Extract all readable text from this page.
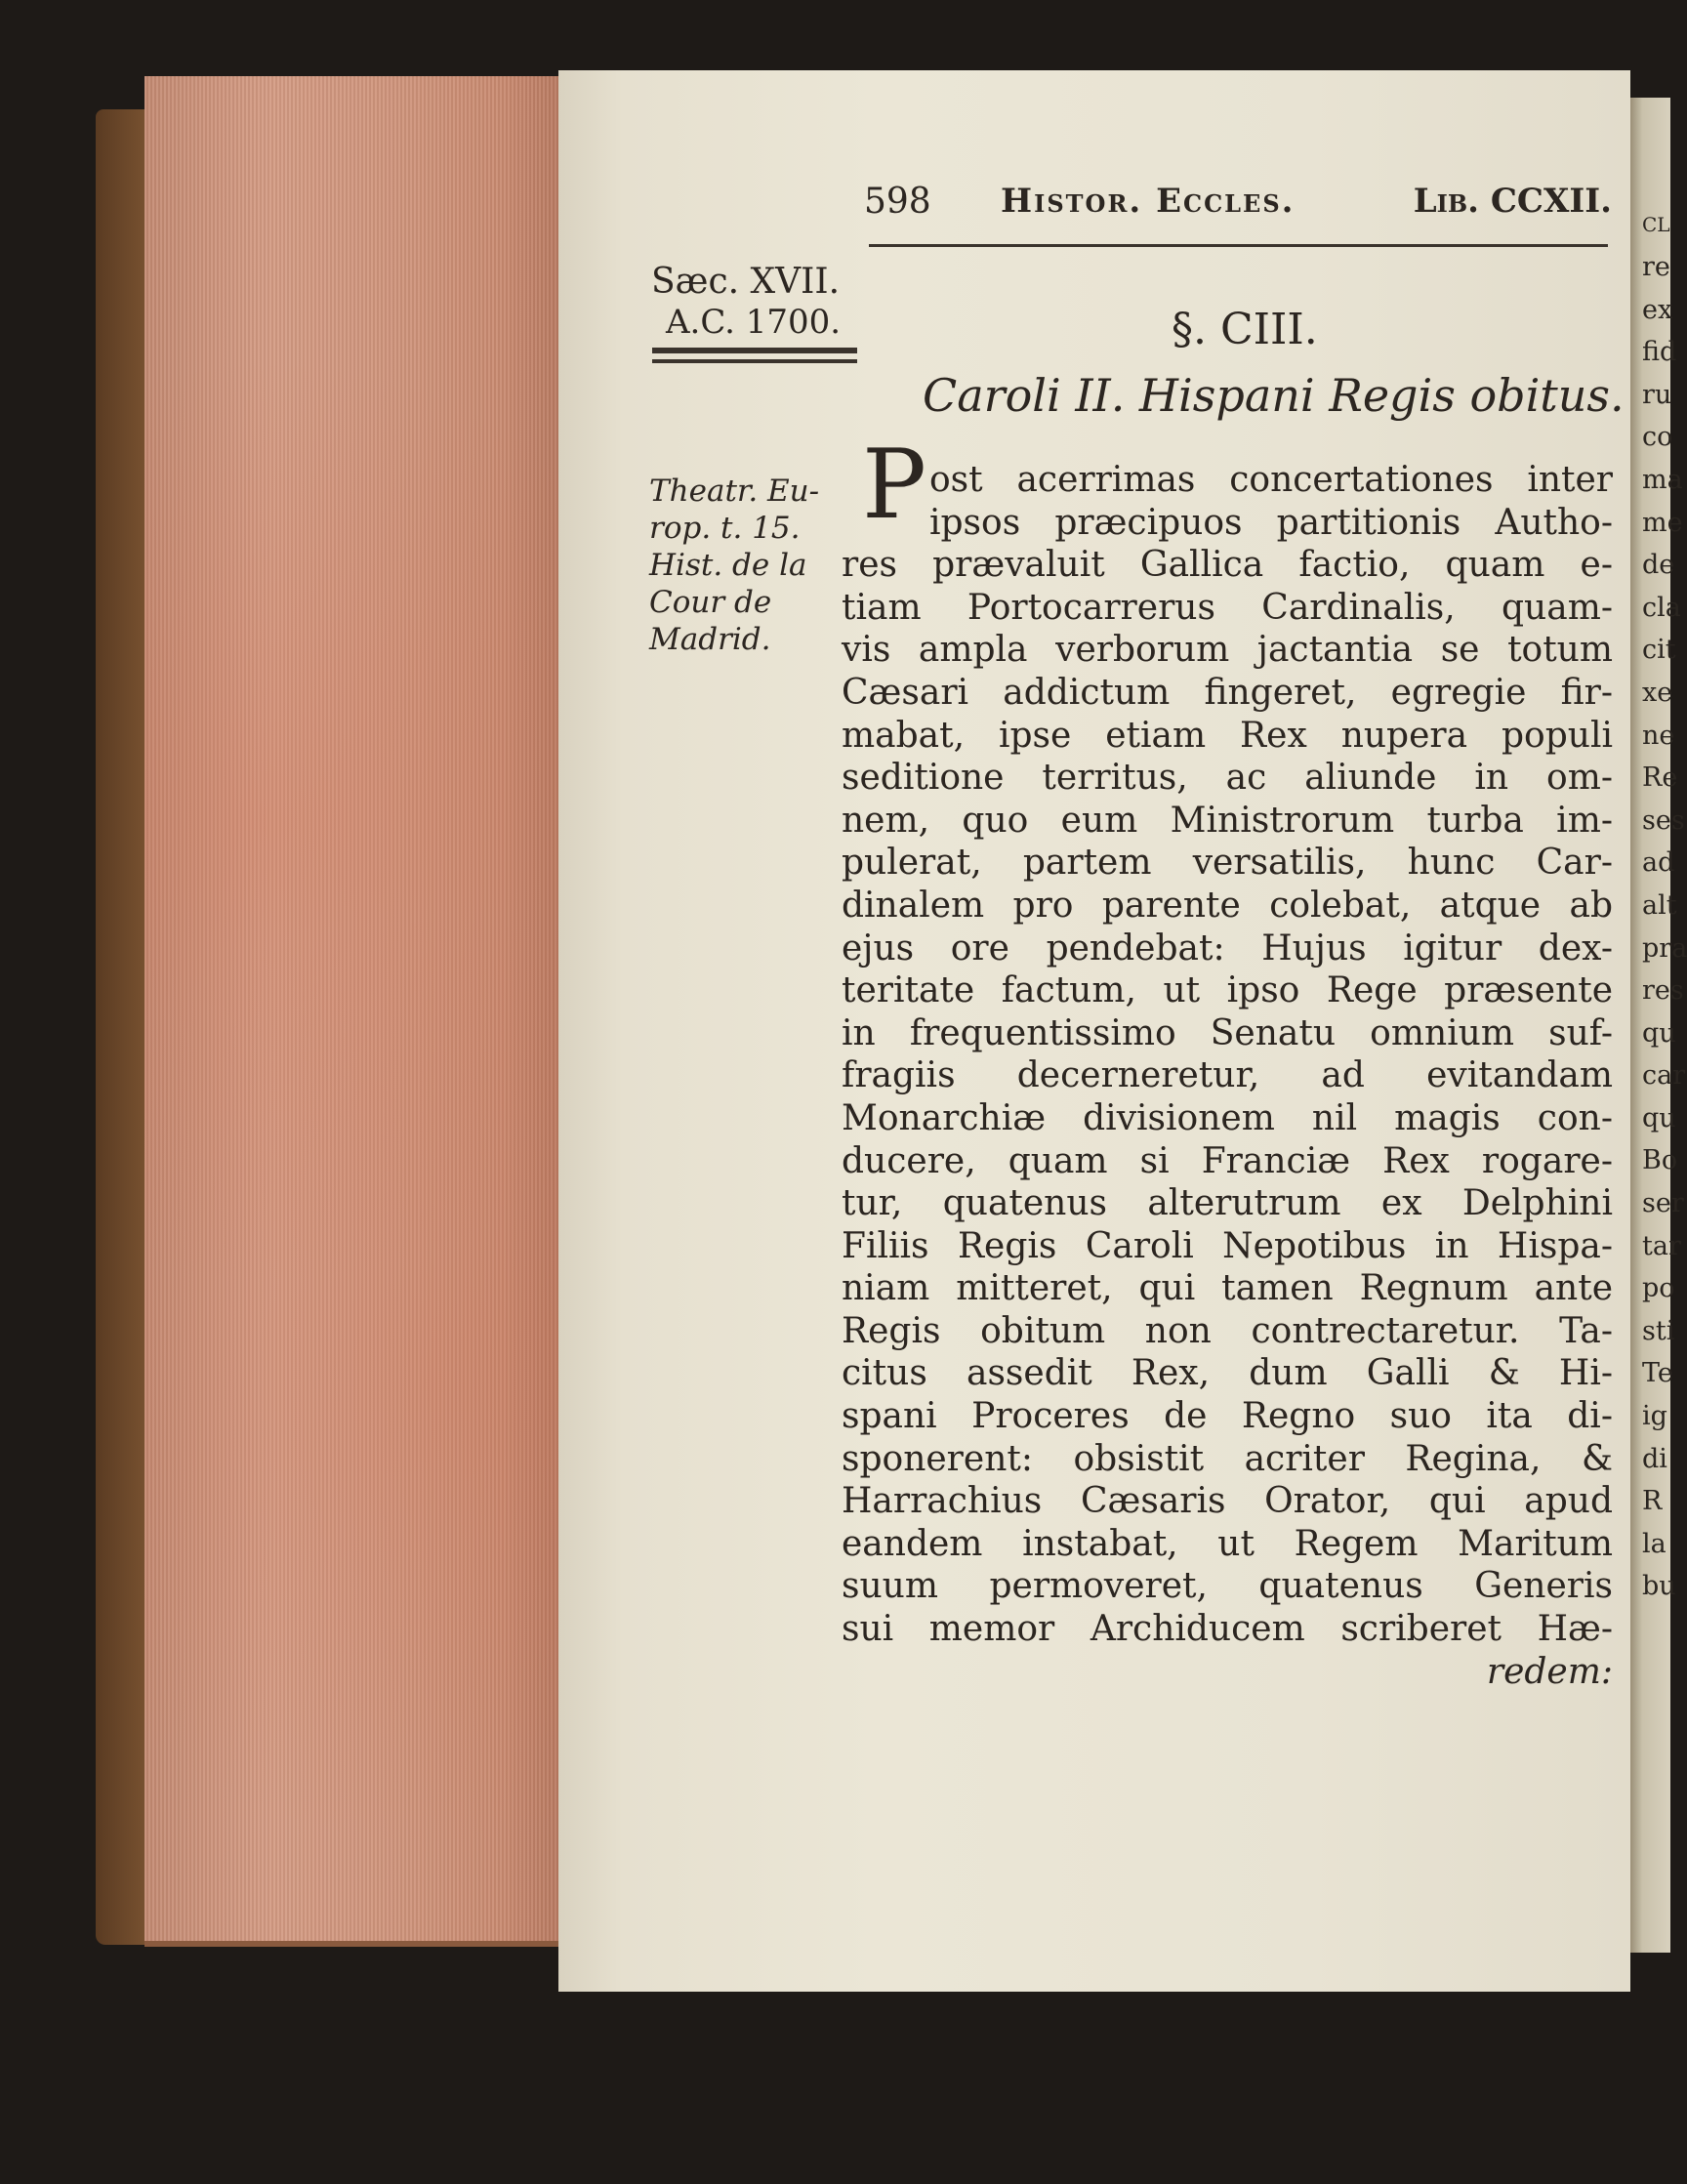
CL
re
ex
fid
ru
co
ma
me
de
cla
cit
xe
ne
Re
ses
ad
alt
pra
res
qu
car
qu
Bo
ser
tar
po
sti
Te
ig
di
R
la
bu
598 Histor. Eccles.	Lib. CCXII.
Sæc. XVII.
A.C. 1700.	§. CIII.
Caroli II. Hispani Regis obitus.
Theatr. Eu-
rop. t. 15.
Hist. de la
Cour de
Madrid.
P ost acerrimas concertationes inter
ipsos præcipuos partitionis Autho-
res prævaluit Gallica factio, quam e-
tiam Portocarrerus Cardinalis, quam-
vis ampla verborum jactantia se totum
Cæsari addictum fingeret, egregie fir-
mabat, ipse etiam Rex nupera populi
seditione territus, ac aliunde in om-
nem, quo eum Ministrorum turba im-
pulerat, partem versatilis, hunc Car-
dinalem pro parente colebat, atque ab
ejus ore pendebat: Hujus igitur dex-
teritate factum, ut ipso Rege præsente
in frequentissimo Senatu omnium suf-
fragiis decerneretur, ad evitandam
Monarchiæ divisionem nil magis con-
ducere, quam si Franciæ Rex rogare-
tur, quatenus alterutrum ex Delphini
Filiis Regis Caroli Nepotibus in Hispa-
niam mitteret, qui tamen Regnum ante
Regis obitum non contrectaretur. Ta-
citus assedit Rex, dum Galli & Hi-
spani Proceres de Regno suo ita di-
sponerent: obsistit acriter Regina, &
Harrachius Cæsaris Orator, qui apud
eandem instabat, ut Regem Maritum
suum permoveret, quatenus Generis
sui memor Archiducem scriberet Hæ-
redem:
